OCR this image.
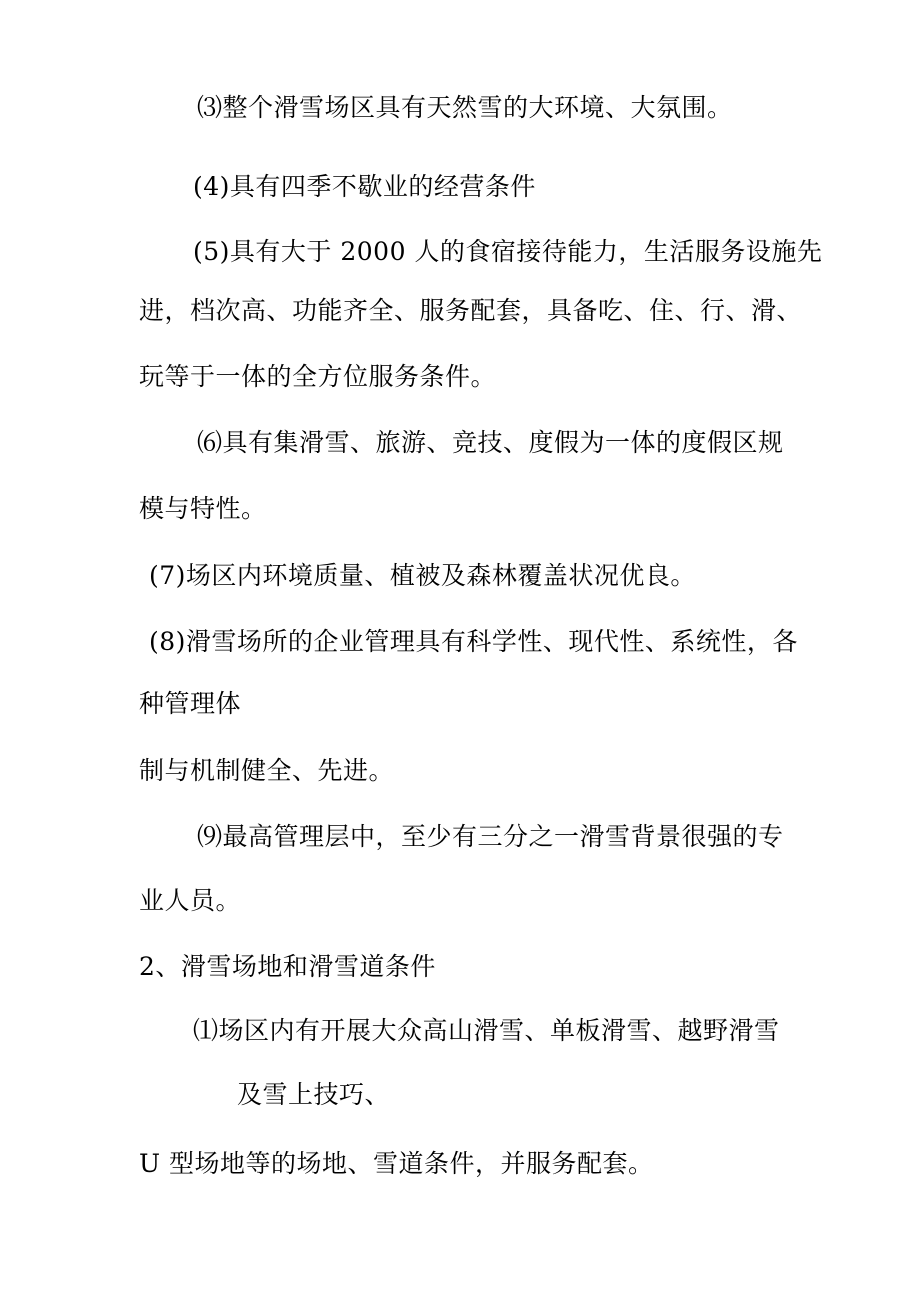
⑶整个滑雪场区具有天然雪的大环境、大氛围。
(4)具有四季不歇业的经营条件
(5)具有大于 2000 人的食宿接待能力，生活服务设施先
进，档次高、功能齐全、服务配套，具备吃、住、行、滑、
玩等于一体的全方位服务条件。
⑹具有集滑雪、旅游、竞技、度假为一体的度假区规
模与特性。
(7)场区内环境质量、植被及森林覆盖状况优良。
(8)滑雪场所的企业管理具有科学性、现代性、系统性，各
种管理体
制与机制健全、先进。
⑼最高管理层中，至少有三分之一滑雪背景很强的专
业人员。
2、滑雪场地和滑雪道条件
⑴场区内有开展大众高山滑雪、单板滑雪、越野滑雪
及雪上技巧、
U 型场地等的场地、雪道条件，并服务配套。
